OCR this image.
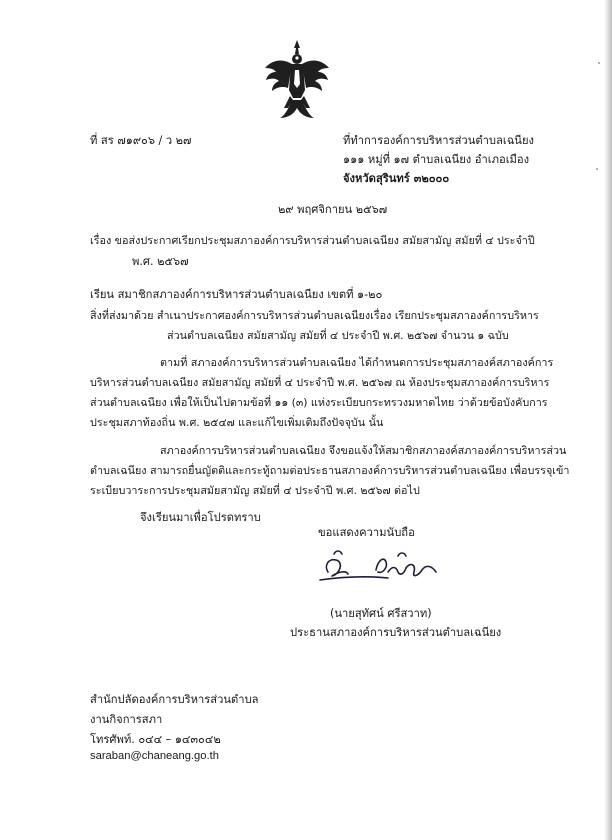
ที่ สร ๗๑๙๐๖ / ว ๒๗	ที่ทำการองค์การบริหารส่วนตำบลเฉนียง
๑๑๑ หมู่ที่ ๑๗ ตำบลเฉนียง อำเภอเมือง
จังหวัดสุรินทร์ ๓๒๐๐๐
๒๙ พฤศจิกายน ๒๕๖๗
เรื่อง ขอส่งประกาศเรียกประชุมสภาองค์การบริหารส่วนตำบลเฉนียง สมัยสามัญ สมัยที่ ๔ ประจำปี
พ.ศ. ๒๕๖๗
เรียน สมาชิกสภาองค์การบริหารส่วนตำบลเฉนียง เขตที่ ๑-๒๐
สิ่งที่ส่งมาด้วย สำเนาประกาศองค์การบริหารส่วนตำบลเฉนียงเรื่อง เรียกประชุมสภาองค์การบริหาร
ส่วนตำบลเฉนียง สมัยสามัญ สมัยที่ ๔ ประจำปี พ.ศ. ๒๕๖๗ จำนวน ๑ ฉบับ
ตามที่ สภาองค์การบริหารส่วนตำบลเฉนียง ได้กำหนดการประชุมสภาองค์สภาองค์การ
บริหารส่วนตำบลเฉนียง สมัยสามัญ สมัยที่ ๔ ประจำปี พ.ศ. ๒๕๖๗ ณ ห้องประชุมสภาองค์การบริหาร
ส่วนตำบลเฉนียง เพื่อให้เป็นไปตามข้อที่ ๑๑ (๓) แห่งระเบียบกระทรวงมหาดไทย ว่าด้วยข้อบังคับการ
ประชุมสภาท้องถิ่น พ.ศ. ๒๕๔๗ และแก้ไขเพิ่มเติมถึงปัจจุบัน นั้น
สภาองค์การบริหารส่วนตำบลเฉนียง จึงขอแจ้งให้สมาชิกสภาองค์สภาองค์การบริหารส่วน
ตำบลเฉนียง สามารถยื่นญัตติและกระทู้ถามต่อประธานสภาองค์การบริหารส่วนตำบลเฉนียง เพื่อบรรจุเข้า
ระเบียบวาระการประชุมสมัยสามัญ สมัยที่ ๔ ประจำปี พ.ศ. ๒๕๖๗ ต่อไป
จึงเรียนมาเพื่อโปรดทราบ
ขอแสดงความนับถือ
(นายสุทัศน์ ศรีสวาท)
ประธานสภาองค์การบริหารส่วนตำบลเฉนียง
สำนักปลัดองค์การบริหารส่วนตำบล
งานกิจการสภา
โทรศัพท์. ๐๔๔ – ๑๔๓๐๔๒
saraban@chaneang.go.th
